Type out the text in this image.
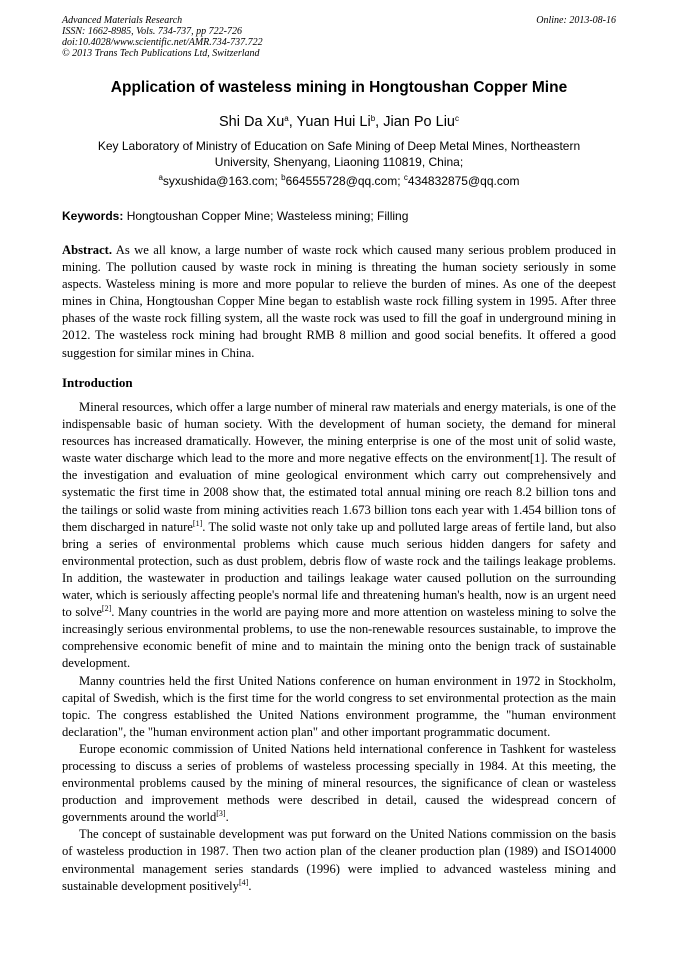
Advanced Materials Research
ISSN: 1662-8985, Vols. 734-737, pp 722-726
doi:10.4028/www.scientific.net/AMR.734-737.722
© 2013 Trans Tech Publications Ltd, Switzerland
Online: 2013-08-16
Application of wasteless mining in Hongtoushan Copper Mine
Shi Da Xu$^a$, Yuan Hui Li$^b$, Jian Po Liu$^c$
Key Laboratory of Ministry of Education on Safe Mining of Deep Metal Mines, Northeastern University, Shenyang, Liaoning 110819, China;
$^a$syxushida@163.com; $^b$664555728@qq.com; $^c$434832875@qq.com
Keywords: Hongtoushan Copper Mine; Wasteless mining; Filling
Abstract. As we all know, a large number of waste rock which caused many serious problem produced in mining. The pollution caused by waste rock in mining is threating the human society seriously in some aspects. Wasteless mining is more and more popular to relieve the burden of mines. As one of the deepest mines in China, Hongtoushan Copper Mine began to establish waste rock filling system in 1995. After three phases of the waste rock filling system, all the waste rock was used to fill the goaf in underground mining in 2012. The wasteless rock mining had brought RMB 8 million and good social benefits. It offered a good suggestion for similar mines in China.
Introduction

Mineral resources, which offer a large number of mineral raw materials and energy materials, is one of the indispensable basic of human society. With the development of human society, the demand for mineral resources has increased dramatically. However, the mining enterprise is one of the most unit of solid waste, waste water discharge which lead to the more and more negative effects on the environment[1]. The result of the investigation and evaluation of mine geological environment which carry out comprehensively and systematic the first time in 2008 show that, the estimated total annual mining ore reach 8.2 billion tons and the tailings or solid waste from mining activities reach 1.673 billion tons each year with 1.454 billion tons of them discharged in nature[1]. The solid waste not only take up and polluted large areas of fertile land, but also bring a series of environmental problems which cause much serious hidden dangers for safety and environmental protection, such as dust problem, debris flow of waste rock and the tailings leakage problems. In addition, the wastewater in production and tailings leakage water caused pollution on the surrounding water, which is seriously affecting people's normal life and threatening human's health, now is an urgent need to solve[2]. Many countries in the world are paying more and more attention on wasteless mining to solve the increasingly serious environmental problems, to use the non-renewable resources sustainable, to improve the comprehensive economic benefit of mine and to maintain the mining onto the benign track of sustainable development.

Manny countries held the first United Nations conference on human environment in 1972 in Stockholm, capital of Swedish, which is the first time for the world congress to set environmental protection as the main topic. The congress established the United Nations environment programme, the "human environment declaration", the "human environment action plan" and other important programmatic document.

Europe economic commission of United Nations held international conference in Tashkent for wasteless processing to discuss a series of problems of wasteless processing specially in 1984. At this meeting, the environmental problems caused by the mining of mineral resources, the significance of clean or wasteless production and improvement methods were described in detail, caused the widespread concern of governments around the world[3].

The concept of sustainable development was put forward on the United Nations commission on the basis of wasteless production in 1987. Then two action plan of the cleaner production plan (1989) and ISO14000 environmental management series standards (1996) were implied to advanced wasteless mining and sustainable development positively[4].
